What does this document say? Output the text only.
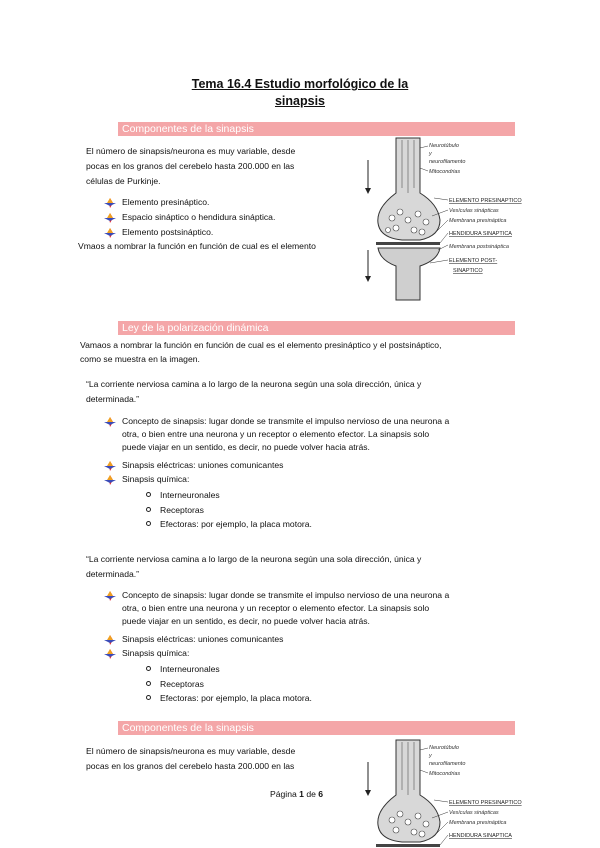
Tema 16.4 Estudio morfológico de la
sinapsis
Componentes de la sinapsis
El número de sinapsis/neurona es muy variable, desde
pocas en los granos del cerebelo hasta 200.000 en las
células de Purkinje.
Elemento presináptico.
Espacio sináptico o hendidura sináptica.
Elemento postsináptico.
Vmaos a nombrar la función en función de cual es el elemento
Neurotúbulo
y
neurofilamento
Mitocondrias
Vesículas sinápticas
Membrana presináptica
Membrana postsináptica
ELEMENTO PRESINAPTICO
HENDIDURA SINAPTICA
ELEMENTO POST-
SINAPTICO
Ley de la polarización dinámica
Vamaos a nombrar la función en función de cual es el elemento presináptico y el postsináptico,
como se muestra en la imagen.
“La corriente nerviosa camina a lo largo de la neurona según una sola dirección, única y
determinada.”
Concepto de sinapsis: lugar donde se transmite el impulso nervioso de una neurona a
otra, o bien entre una neurona y un receptor o elemento efector. La sinapsis solo
puede viajar en un sentido, es decir, no puede volver hacia atrás.
Sinapsis eléctricas: uniones comunicantes
Sinapsis química:
Interneuronales
Receptoras
Efectoras: por ejemplo, la placa motora.
“La corriente nerviosa camina a lo largo de la neurona según una sola dirección, única y
determinada.”
Concepto de sinapsis: lugar donde se transmite el impulso nervioso de una neurona a
otra, o bien entre una neurona y un receptor o elemento efector. La sinapsis solo
puede viajar en un sentido, es decir, no puede volver hacia atrás.
Sinapsis eléctricas: uniones comunicantes
Sinapsis química:
Interneuronales
Receptoras
Efectoras: por ejemplo, la placa motora.
Componentes de la sinapsis
El número de sinapsis/neurona es muy variable, desde
pocas en los granos del cerebelo hasta 200.000 en las
Neurotúbulo
y
neurofilamento
Mitocondrias
Vesículas sinápticas
Membrana presináptica
ELEMENTO PRESINAPTICO
HENDIDURA SINAPTICA
Página 1 de 6
